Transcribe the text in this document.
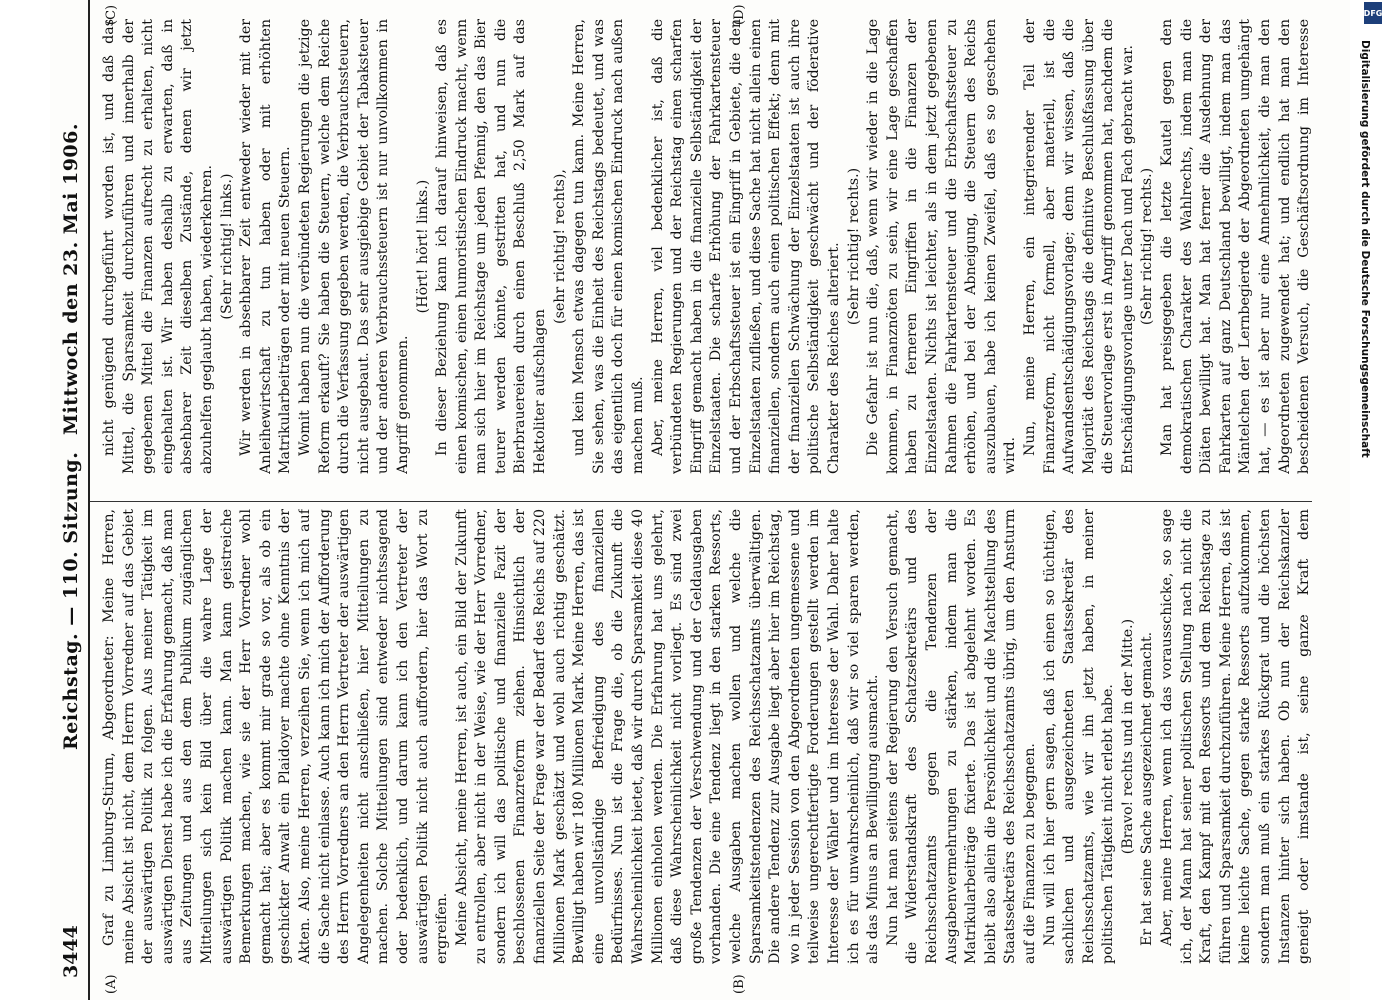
3444
Reichstag. — 110. Sitzung.
Mittwoch den 23. Mai 1906.
(A)	(B)
(C)	(D)

Graf zu Limburg-Stirum, Abgeordneter: Meine Herren, meine Absicht ist nicht, dem Herrn Vorredner auf das Gebiet der auswärtigen Politik zu folgen. Aus meiner Tätigkeit im auswärtigen Dienst habe ich die Erfahrung gemacht, daß man aus Zeitungen und aus den dem Publikum zugänglichen Mitteilungen sich kein Bild über die wahre Lage der auswärtigen Politik machen kann. Man kann geistreiche Bemerkungen machen, wie sie der Herr Vorredner wohl gemacht hat; aber es kommt mir grade so vor, als ob ein geschickter Anwalt ein Plaidoyer machte ohne Kenntnis der Akten. Also, meine Herren, verzeihen Sie, wenn ich mich auf die Sache nicht einlasse. Auch kann ich mich der Aufforderung des Herrn Vorredners an den Herrn Vertreter der auswärtigen Angelegenheiten nicht anschließen, hier Mitteilungen zu machen. Solche Mitteilungen sind entweder nichtssagend oder bedenklich, und darum kann ich den Vertreter der auswärtigen Politik nicht auch auffordern, hier das Wort zu ergreifen. Meine Absicht, meine Herren, ist auch, ein Bild der Zukunft zu entrollen, aber nicht in der Weise, wie der Herr Vorredner, sondern ich will das politische und finanzielle Fazit der beschlossenen Finanzreform ziehen. Hinsichtlich der finanziellen Seite der Frage war der Bedarf des Reichs auf 220 Millionen Mark geschätzt und wohl auch richtig geschätzt. Bewilligt haben wir 180 Millionen Mark. Meine Herren, das ist eine unvollständige Befriedigung des finanziellen Bedürfnisses. Nun ist die Frage die, ob die Zukunft die Wahrscheinlichkeit bietet, daß wir durch Sparsamkeit diese 40 Millionen einholen werden. Die Erfahrung hat uns gelehrt, daß diese Wahrscheinlichkeit nicht vorliegt. Es sind zwei große Tendenzen der Verschwendung und der Geldausgaben vorhanden. Die eine Tendenz liegt in den starken Ressorts, welche Ausgaben machen wollen und welche die Sparsamkeitstendenzen des Reichsschatzamts überwältigen. Die andere Tendenz zur Ausgabe liegt aber hier im Reichstag, wo in jeder Session von den Abgeordneten ungemessene und teilweise ungerechtfertigte Forderungen gestellt werden im Interesse der Wähler und im Interesse der Wahl. Daher halte ich es für unwahrscheinlich, daß wir so viel sparen werden, als das Minus an Bewilligung ausmacht. Nun hat man seitens der Regierung den Versuch gemacht, die Widerstandskraft des Schatzsekretärs und des Reichsschatzamts gegen die Tendenzen der Ausgabenvermehrungen zu stärken, indem man die Matrikularbeiträge fixierte. Das ist abgelehnt worden. Es bleibt also allein die Persönlichkeit und die Machtstellung des Staatssekretärs des Reichsschatzamts übrig, um den Ansturm auf die Finanzen zu begegnen. Nun will ich hier gern sagen, daß ich einen so tüchtigen, sachlichen und ausgezeichneten Staatssekretär des Reichsschatzamts, wie wir ihn jetzt haben, in meiner politischen Tätigkeit nicht erlebt habe. (Bravo! rechts und in der Mitte.) Er hat seine Sache ausgezeichnet gemacht. Aber, meine Herren, wenn ich das vorausschicke, so sage ich, der Mann hat seiner politischen Stellung nach nicht die Kraft, den Kampf mit den Ressorts und dem Reichstage zu führen und Sparsamkeit durchzuführen. Meine Herren, das ist keine leichte Sache, gegen starke Ressorts aufzukommen, sondern man muß ein starkes Rückgrat und die höchsten Instanzen hinter sich haben. Ob nun der Reichskanzler geneigt oder imstande ist, seine ganze Kraft dem

nicht genügend durchgeführt worden ist, und daß das Mittel, die Sparsamkeit durchzuführen und innerhalb der gegebenen Mittel die Finanzen aufrecht zu erhalten, nicht eingehalten ist. Wir haben deshalb zu erwarten, daß in absehbarer Zeit dieselben Zustände, denen wir jetzt abzuhelfen geglaubt haben, wiederkehren. (Sehr richtig! links.) Wir werden in absehbarer Zeit entweder wieder mit der Anleihewirtschaft zu tun haben oder mit erhöhten Matrikularbeiträgen oder mit neuen Steuern. Womit haben nun die verbündeten Regierungen die jetzige Reform erkauft? Sie haben die Steuern, welche dem Reiche durch die Verfassung gegeben werden, die Verbrauchssteuern, nicht ausgebaut. Das sehr ausgiebige Gebiet der Tabaksteuer und der anderen Verbrauchssteuern ist nur unvollkommen in Angriff genommen.

(Hört! hört! links.) In dieser Beziehung kann ich darauf hinweisen, daß es einen komischen, einen humoristischen Eindruck macht, wenn man sich hier im Reichstage um jeden Pfennig, den das Bier teurer werden könnte, gestritten hat, und nun die Bierbrauereien durch einen Beschluß 2,50 Mark auf das Hektoliter aufschlagen

(sehr richtig! rechts), und kein Mensch etwas dagegen tun kann. Meine Herren, Sie sehen, was die Einheit des Reichstags bedeutet, und was das eigentlich doch für einen komischen Eindruck nach außen machen muß. Aber, meine Herren, viel bedenklicher ist, daß die verbündeten Regierungen und der Reichstag einen scharfen Eingriff gemacht haben in die finanzielle Selbständigkeit der Einzelstaaten. Die scharfe Erhöhung der Fahrkartensteuer und der Erbschaftssteuer ist ein Eingriff in Gebiete, die den Einzelstaaten zufließen, und diese Sache hat nicht allein einen finanziellen, sondern auch einen politischen Effekt; denn mit der finanziellen Schwächung der Einzelstaaten ist auch ihre politische Selbständigkeit geschwächt und der föderative Charakter des Reiches alteriert. (Sehr richtig! rechts.) Die Gefahr ist nun die, daß, wenn wir wieder in die Lage kommen, in Finanznöten zu sein, wir eine Lage geschaffen haben zu ferneren Eingriffen in die Finanzen der Einzelstaaten. Nichts ist leichter, als in dem jetzt gegebenen Rahmen die Fahrkartensteuer und die Erbschaftssteuer zu erhöhen, und bei der Abneigung, die Steuern des Reichs auszubauen, habe ich keinen Zweifel, daß es so geschehen wird. Nun, meine Herren, ein integrierender Teil der Finanzreform, nicht formell, aber materiell, ist die Aufwandsentschädigungsvorlage; denn wir wissen, daß die Majorität des Reichstags die definitive Beschlußfassung über die Steuervorlage erst in Angriff genommen hat, nachdem die Entschädigungsvorlage unter Dach und Fach gebracht war. (Sehr richtig! rechts.)

Man hat preisgegeben die letzte Kautel gegen den demokratischen Charakter des Wahlrechts, indem man die Diäten bewilligt hat. Man hat ferner die Ausdehnung der Fahrkarten auf ganz Deutschland bewilligt, indem man das Mäntelchen der Lernbegierde der Abgeordneten umgehängt hat, — es ist aber nur eine Annehmlichkeit, die man den Abgeordneten zugewendet hat; und endlich hat man den bescheidenen Versuch, die Geschäftsordnung im Interesse

DFG
Digitalisierung gefördert durch die Deutsche Forschungsgemeinschaft
